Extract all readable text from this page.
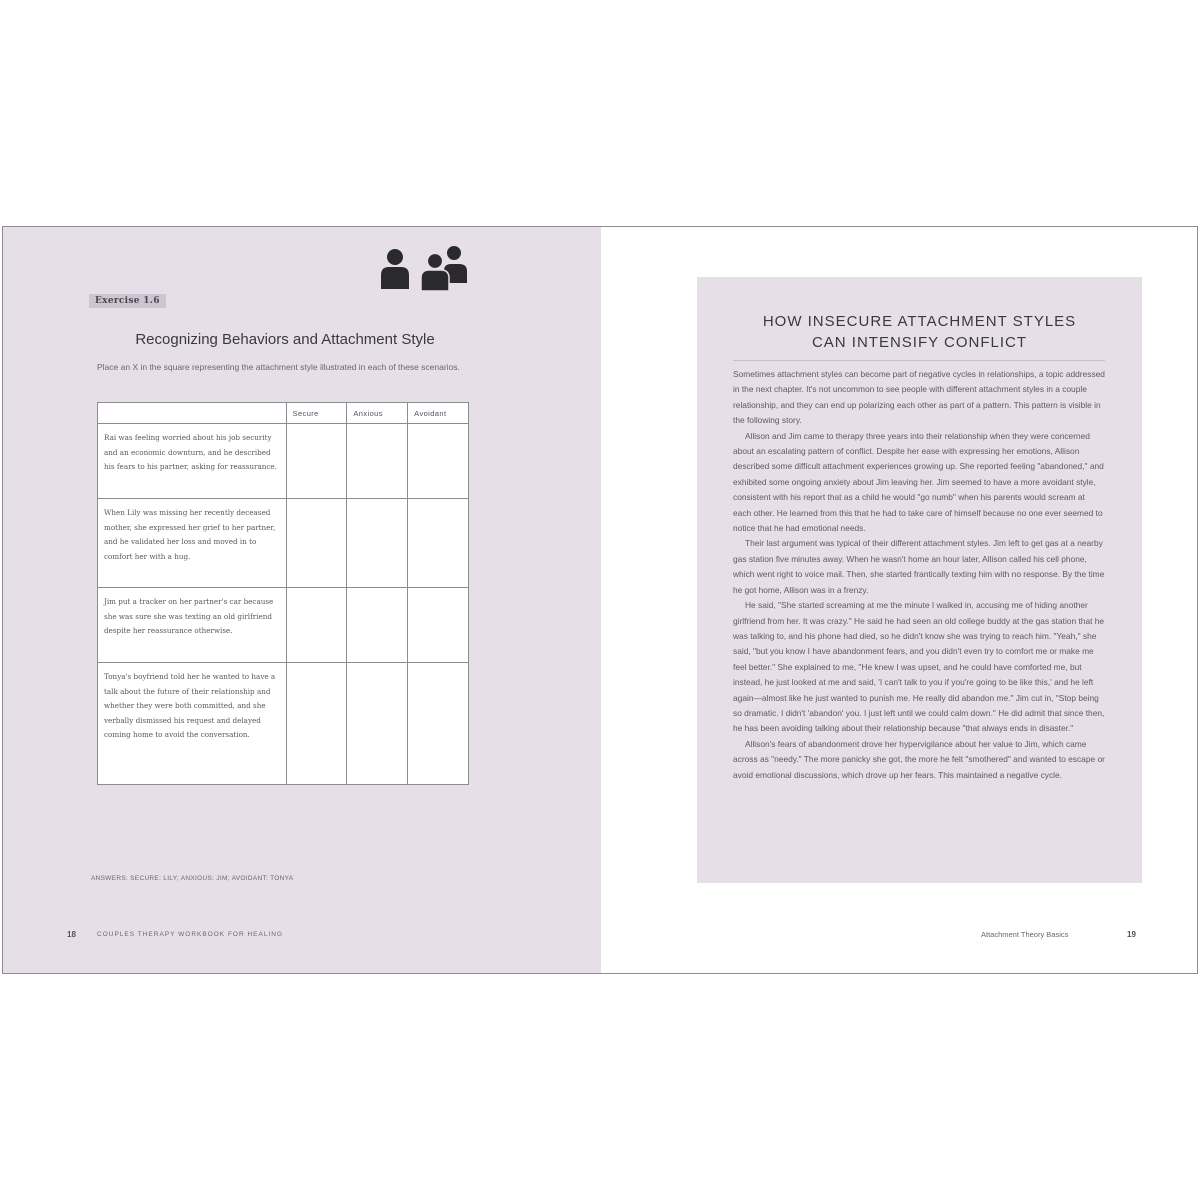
Exercise 1.6
Recognizing Behaviors and Attachment Style
Place an X in the square representing the attachment style illustrated in each of these scenarios.
	Secure	Anxious	Avoidant
Rai was feeling worried about his job security and an economic downturn, and he described his fears to his partner, asking for reassurance.			
When Lily was missing her recently deceased mother, she expressed her grief to her partner, and he validated her loss and moved in to comfort her with a hug.			
Jim put a tracker on her partner's car because she was sure she was texting an old girlfriend despite her reassurance otherwise.			
Tonya's boyfriend told her he wanted to have a talk about the future of their relationship and whether they were both committed, and she verbally dismissed his request and delayed coming home to avoid the conversation.			
ANSWERS: SECURE: LILY; ANXIOUS: JIM; AVOIDANT: TONYA
18	COUPLES THERAPY WORKBOOK FOR HEALING
HOW INSECURE ATTACHMENT STYLES
CAN INTENSIFY CONFLICT

Sometimes attachment styles can become part of negative cycles in relationships, a topic addressed in the next chapter. It's not uncommon to see people with different attachment styles in a couple relationship, and they can end up polarizing each other as part of a pattern. This pattern is visible in the following story.

Allison and Jim came to therapy three years into their relationship when they were concerned about an escalating pattern of conflict. Despite her ease with expressing her emotions, Allison described some difficult attachment experiences growing up. She reported feeling "abandoned," and exhibited some ongoing anxiety about Jim leaving her. Jim seemed to have a more avoidant style, consistent with his report that as a child he would "go numb" when his parents would scream at each other. He learned from this that he had to take care of himself because no one ever seemed to notice that he had emotional needs.

Their last argument was typical of their different attachment styles. Jim left to get gas at a nearby gas station five minutes away. When he wasn't home an hour later, Allison called his cell phone, which went right to voice mail. Then, she started frantically texting him with no response. By the time he got home, Allison was in a frenzy.

He said, "She started screaming at me the minute I walked in, accusing me of hiding another girlfriend from her. It was crazy." He said he had seen an old college buddy at the gas station that he was talking to, and his phone had died, so he didn't know she was trying to reach him. "Yeah," she said, "but you know I have abandonment fears, and you didn't even try to comfort me or make me feel better." She explained to me, "He knew I was upset, and he could have comforted me, but instead, he just looked at me and said, 'I can't talk to you if you're going to be like this,' and he left again—almost like he just wanted to punish me. He really did abandon me." Jim cut in, "Stop being so dramatic. I didn't 'abandon' you. I just left until we could calm down." He did admit that since then, he has been avoiding talking about their relationship because "that always ends in disaster."

Allison's fears of abandonment drove her hypervigilance about her value to Jim, which came across as "needy." The more panicky she got, the more he felt "smothered" and wanted to escape or avoid emotional discussions, which drove up her fears. This maintained a negative cycle.

Attachment Theory Basics	19
